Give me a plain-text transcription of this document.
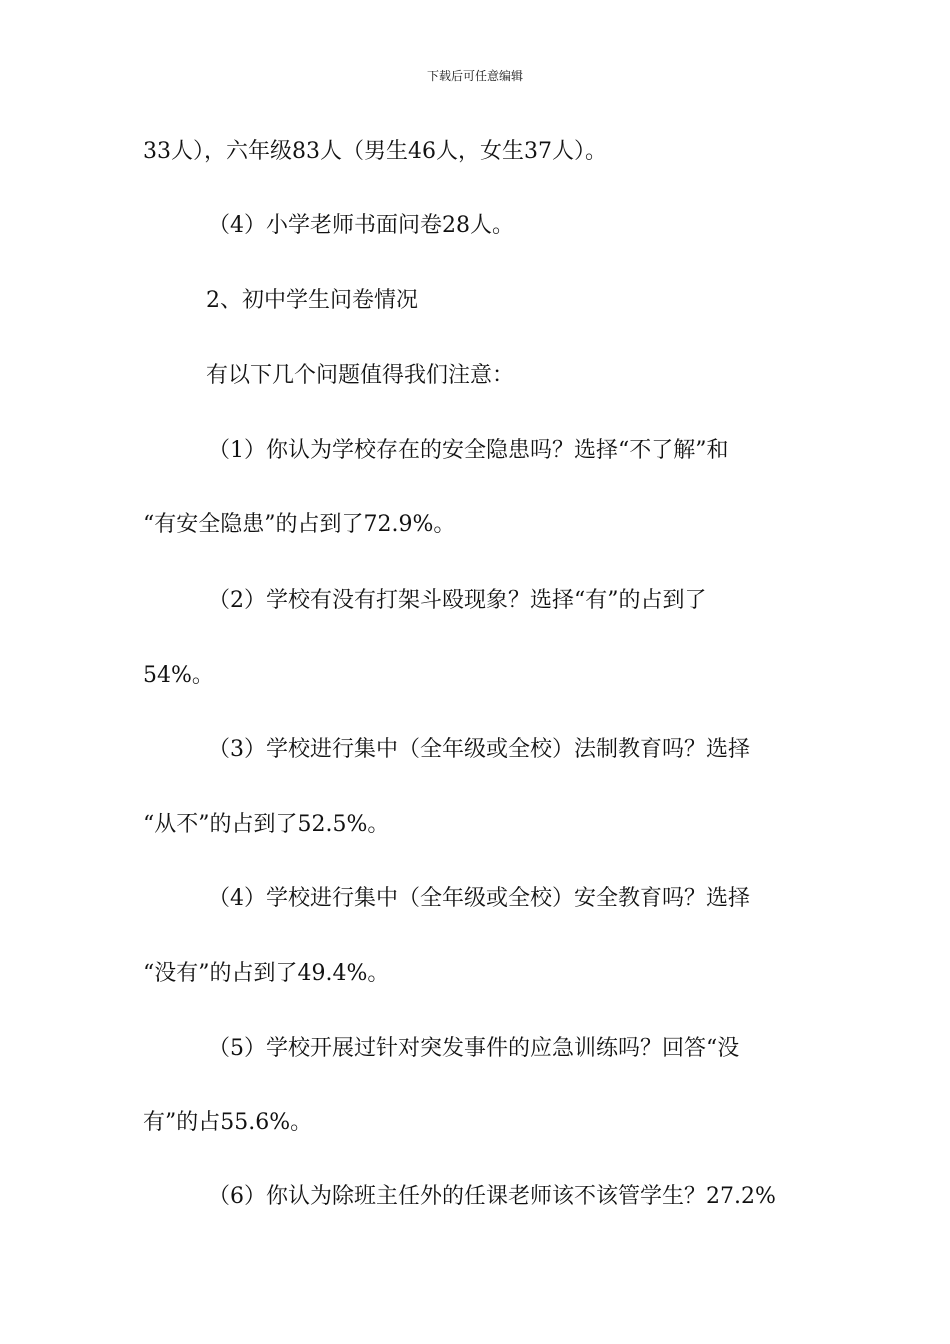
下载后可任意编辑
33人），六年级83人（男生46人，女生37人）。
（4）小学老师书面问卷28人。
2、初中学生问卷情况
有以下几个问题值得我们注意：
（1）你认为学校存在的安全隐患吗？选择“不了解”和
“有安全隐患”的占到了72.9%。
（2）学校有没有打架斗殴现象？选择“有”的占到了
54%。
（3）学校进行集中（全年级或全校）法制教育吗？选择
“从不”的占到了52.5%。
（4）学校进行集中（全年级或全校）安全教育吗？选择
“没有”的占到了49.4%。
（5）学校开展过针对突发事件的应急训练吗？回答“没
有”的占55.6%。
（6）你认为除班主任外的任课老师该不该管学生？27.2%
